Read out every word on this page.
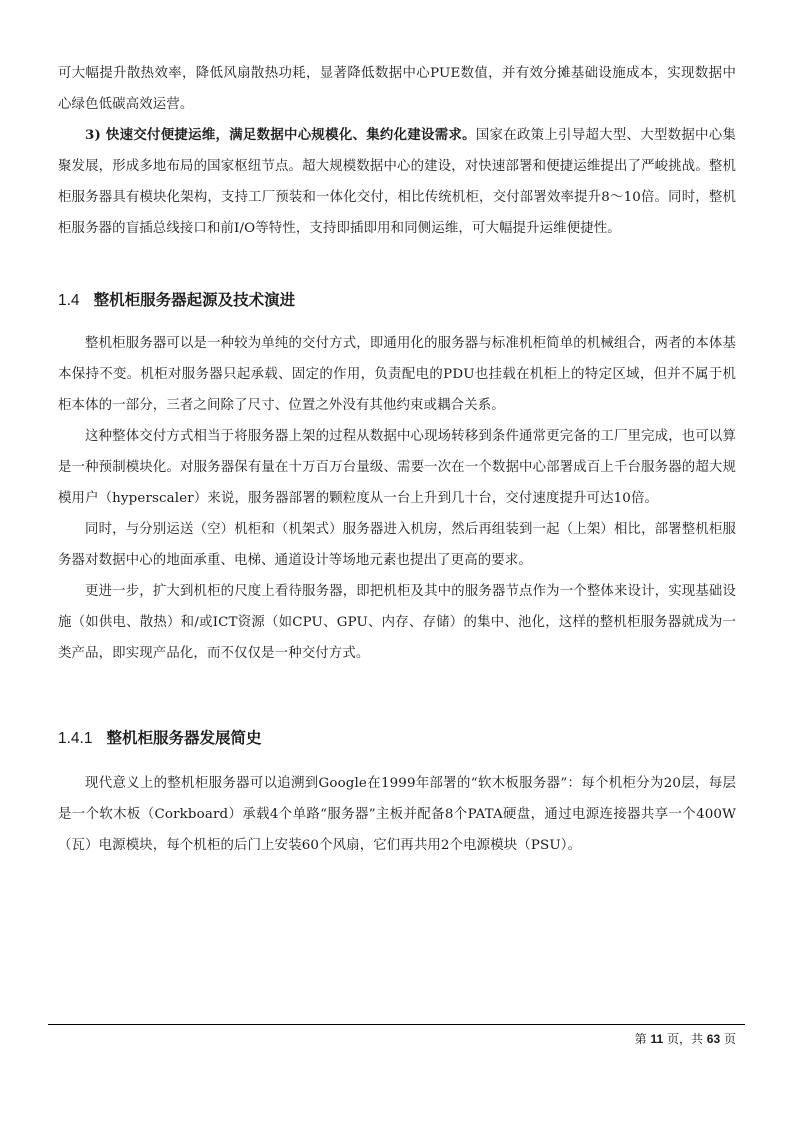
可大幅提升散热效率，降低风扇散热功耗，显著降低数据中心PUE数值，并有效分摊基础设施成本，实现数据中心绿色低碳高效运营。

3) 快速交付便捷运维，满足数据中心规模化、集约化建设需求。国家在政策上引导超大型、大型数据中心集聚发展，形成多地布局的国家枢纽节点。超大规模数据中心的建设，对快速部署和便捷运维提出了严峻挑战。整机柜服务器具有模块化架构，支持工厂预装和一体化交付，相比传统机柜，交付部署效率提升8～10倍。同时，整机柜服务器的盲插总线接口和前I/O等特性，支持即插即用和同侧运维，可大幅提升运维便捷性。

1.4 整机柜服务器起源及技术演进

整机柜服务器可以是一种较为单纯的交付方式，即通用化的服务器与标准机柜简单的机械组合，两者的本体基本保持不变。机柜对服务器只起承载、固定的作用，负责配电的PDU也挂载在机柜上的特定区域，但并不属于机柜本体的一部分，三者之间除了尺寸、位置之外没有其他约束或耦合关系。

这种整体交付方式相当于将服务器上架的过程从数据中心现场转移到条件通常更完备的工厂里完成，也可以算是一种预制模块化。对服务器保有量在十万百万台量级、需要一次在一个数据中心部署成百上千台服务器的超大规模用户（hyperscaler）来说，服务器部署的颗粒度从一台上升到几十台，交付速度提升可达10倍。

同时，与分别运送（空）机柜和（机架式）服务器进入机房，然后再组装到一起（上架）相比，部署整机柜服务器对数据中心的地面承重、电梯、通道设计等场地元素也提出了更高的要求。

更进一步，扩大到机柜的尺度上看待服务器，即把机柜及其中的服务器节点作为一个整体来设计，实现基础设施（如供电、散热）和/或ICT资源（如CPU、GPU、内存、存储）的集中、池化，这样的整机柜服务器就成为一类产品，即实现产品化，而不仅仅是一种交付方式。

1.4.1 整机柜服务器发展简史

现代意义上的整机柜服务器可以追溯到Google在1999年部署的“软木板服务器”：每个机柜分为20层，每层是一个软木板（Corkboard）承载4个单路“服务器”主板并配备8个PATA硬盘，通过电源连接器共享一个400W（瓦）电源模块，每个机柜的后门上安装60个风扇，它们再共用2个电源模块（PSU）。

第 11 页，共 63 页
